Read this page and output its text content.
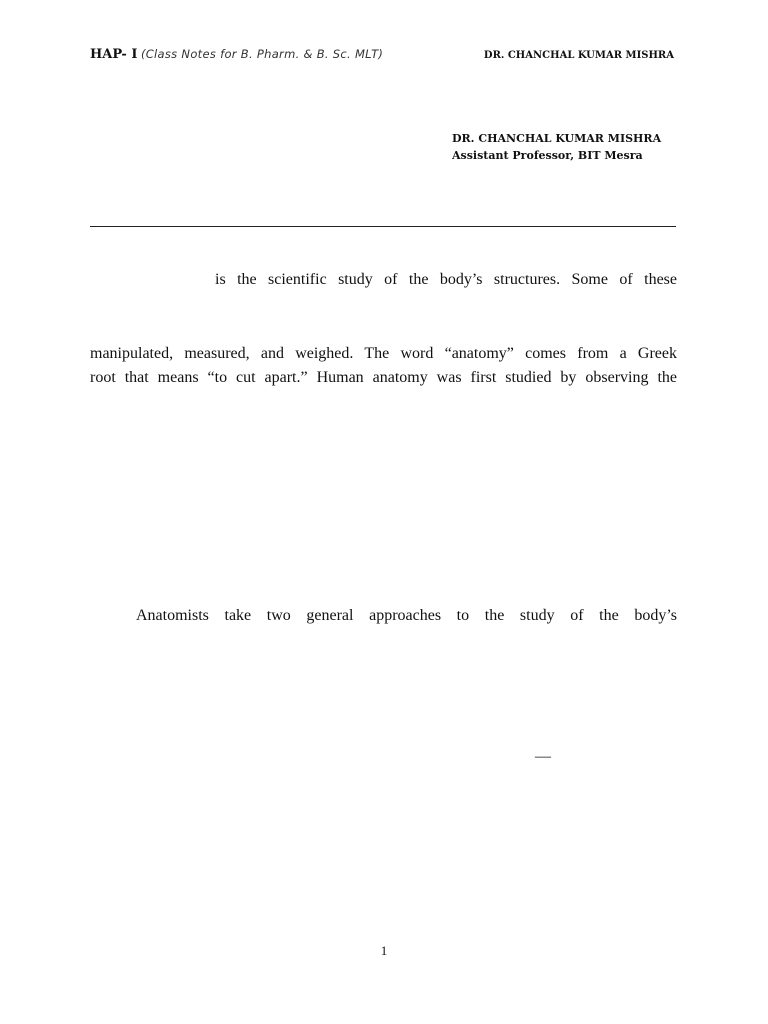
HAP- I (Class Notes for B. Pharm. & B. Sc. MLT)	DR. CHANCHAL KUMAR MISHRA
DR. CHANCHAL KUMAR MISHRA
Assistant Professor, BIT Mesra
is the scientific study of the body’s structures. Some of these
manipulated, measured, and weighed. The word “anatomy” comes from a Greek
root that means “to cut apart.” Human anatomy was first studied by observing the
Anatomists take two general approaches to the study of the body’s
—
1
